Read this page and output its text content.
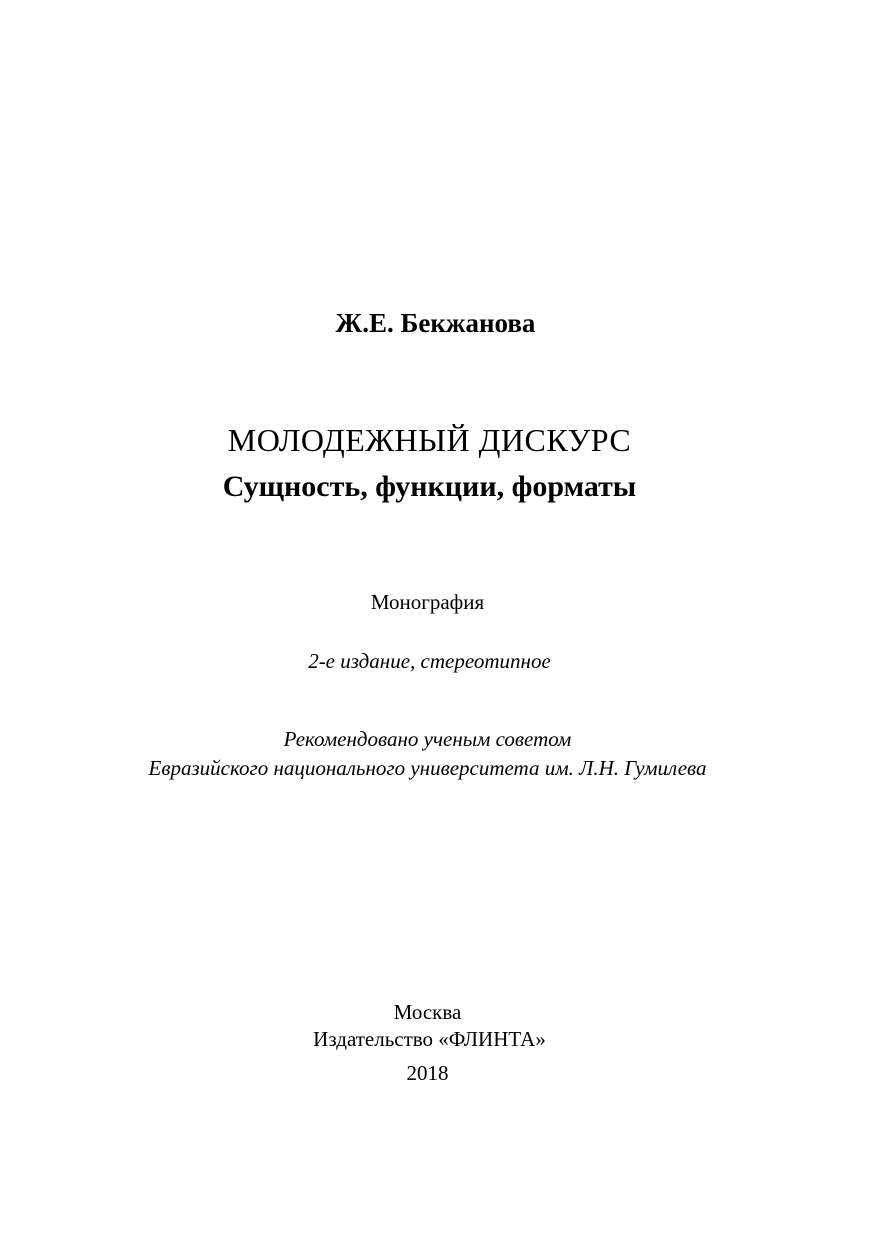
Ж.Е. Бекжанова
МОЛОДЕЖНЫЙ ДИСКУРС
Сущность, функции, форматы
Монография
2-е издание, стереотипное
Рекомендовано ученым советом
Евразийского национального университета им. Л.Н. Гумилева
Москва
Издательство «ФЛИНТА»
2018
